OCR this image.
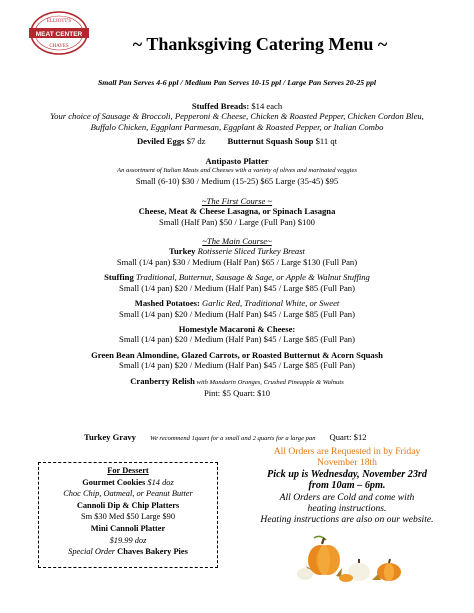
ELLIOTT'S
MEAT CENTER
CHAVES	~ Thanksgiving Catering Menu ~
Small Pan Serves 4-6 ppl / Medium Pan Serves 10-15 ppl / Large Pan Serves 20-25 ppl
Stuffed Breads: $14 each
Your choice of Sausage & Broccoli, Pepperoni & Cheese, Chicken & Roasted Pepper, Chicken Cordon Bleu,
Buffalo Chicken, Eggplant Parmesan, Eggplant & Roasted Pepper, or Italian Combo
Deviled Eggs $7 dz	Butternut Squash Soup $11 qt
Antipasto Platter
An assortment of Italian Meats and Cheeses with a variety of olives and marinated veggies
Small (6-10) $30 / Medium (15-25) $65 Large (35-45) $95
~The First Course ~
Cheese, Meat & Cheese Lasagna, or Spinach Lasagna
Small (Half Pan) $50 / Large (Full Pan) $100
~The Main Course~
Turkey Rotisserie Sliced Turkey Breast
Small (1/4 pan) $30 / Medium (Half Pan) $65 / Large $130 (Full Pan)
Stuffing Traditional, Butternut, Sausage & Sage, or Apple & Walnut Stuffing
Small (1/4 pan) $20 / Medium (Half Pan) $45 / Large $85 (Full Pan)
Mashed Potatoes: Garlic Red, Traditional White, or Sweet
Small (1/4 pan) $20 / Medium (Half Pan) $45 / Large $85 (Full Pan)
Homestyle Macaroni & Cheese:
Small (1/4 pan) $20 / Medium (Half Pan) $45 / Large $85 (Full Pan)
Green Bean Almondine, Glazed Carrots, or Roasted Butternut & Acorn Squash
Small (1/4 pan) $20 / Medium (Half Pan) $45 / Large $85 (Full Pan)
Cranberry Relish with Mandarin Oranges, Crushed Pineapple & Walnuts
Pint: $5 Quart: $10
Turkey Gravy We recommend 1quart for a small and 2 quarts for a large pan Quart: $12
For Dessert
Gourmet Cookies $14 doz
Choc Chip, Oatmeal, or Peanut Butter
Cannoli Dip & Chip Platters
Sm $30 Med $50 Large $90
Mini Cannoli Platter
$19.99 doz
Special Order Chaves Bakery Pies
All Orders are Requested in by Friday
November 18th
Pick up is Wednesday, November 23rd
from 10am – 6pm.
All Orders are Cold and come with
heating instructions.
Heating instructions are also on our website.
